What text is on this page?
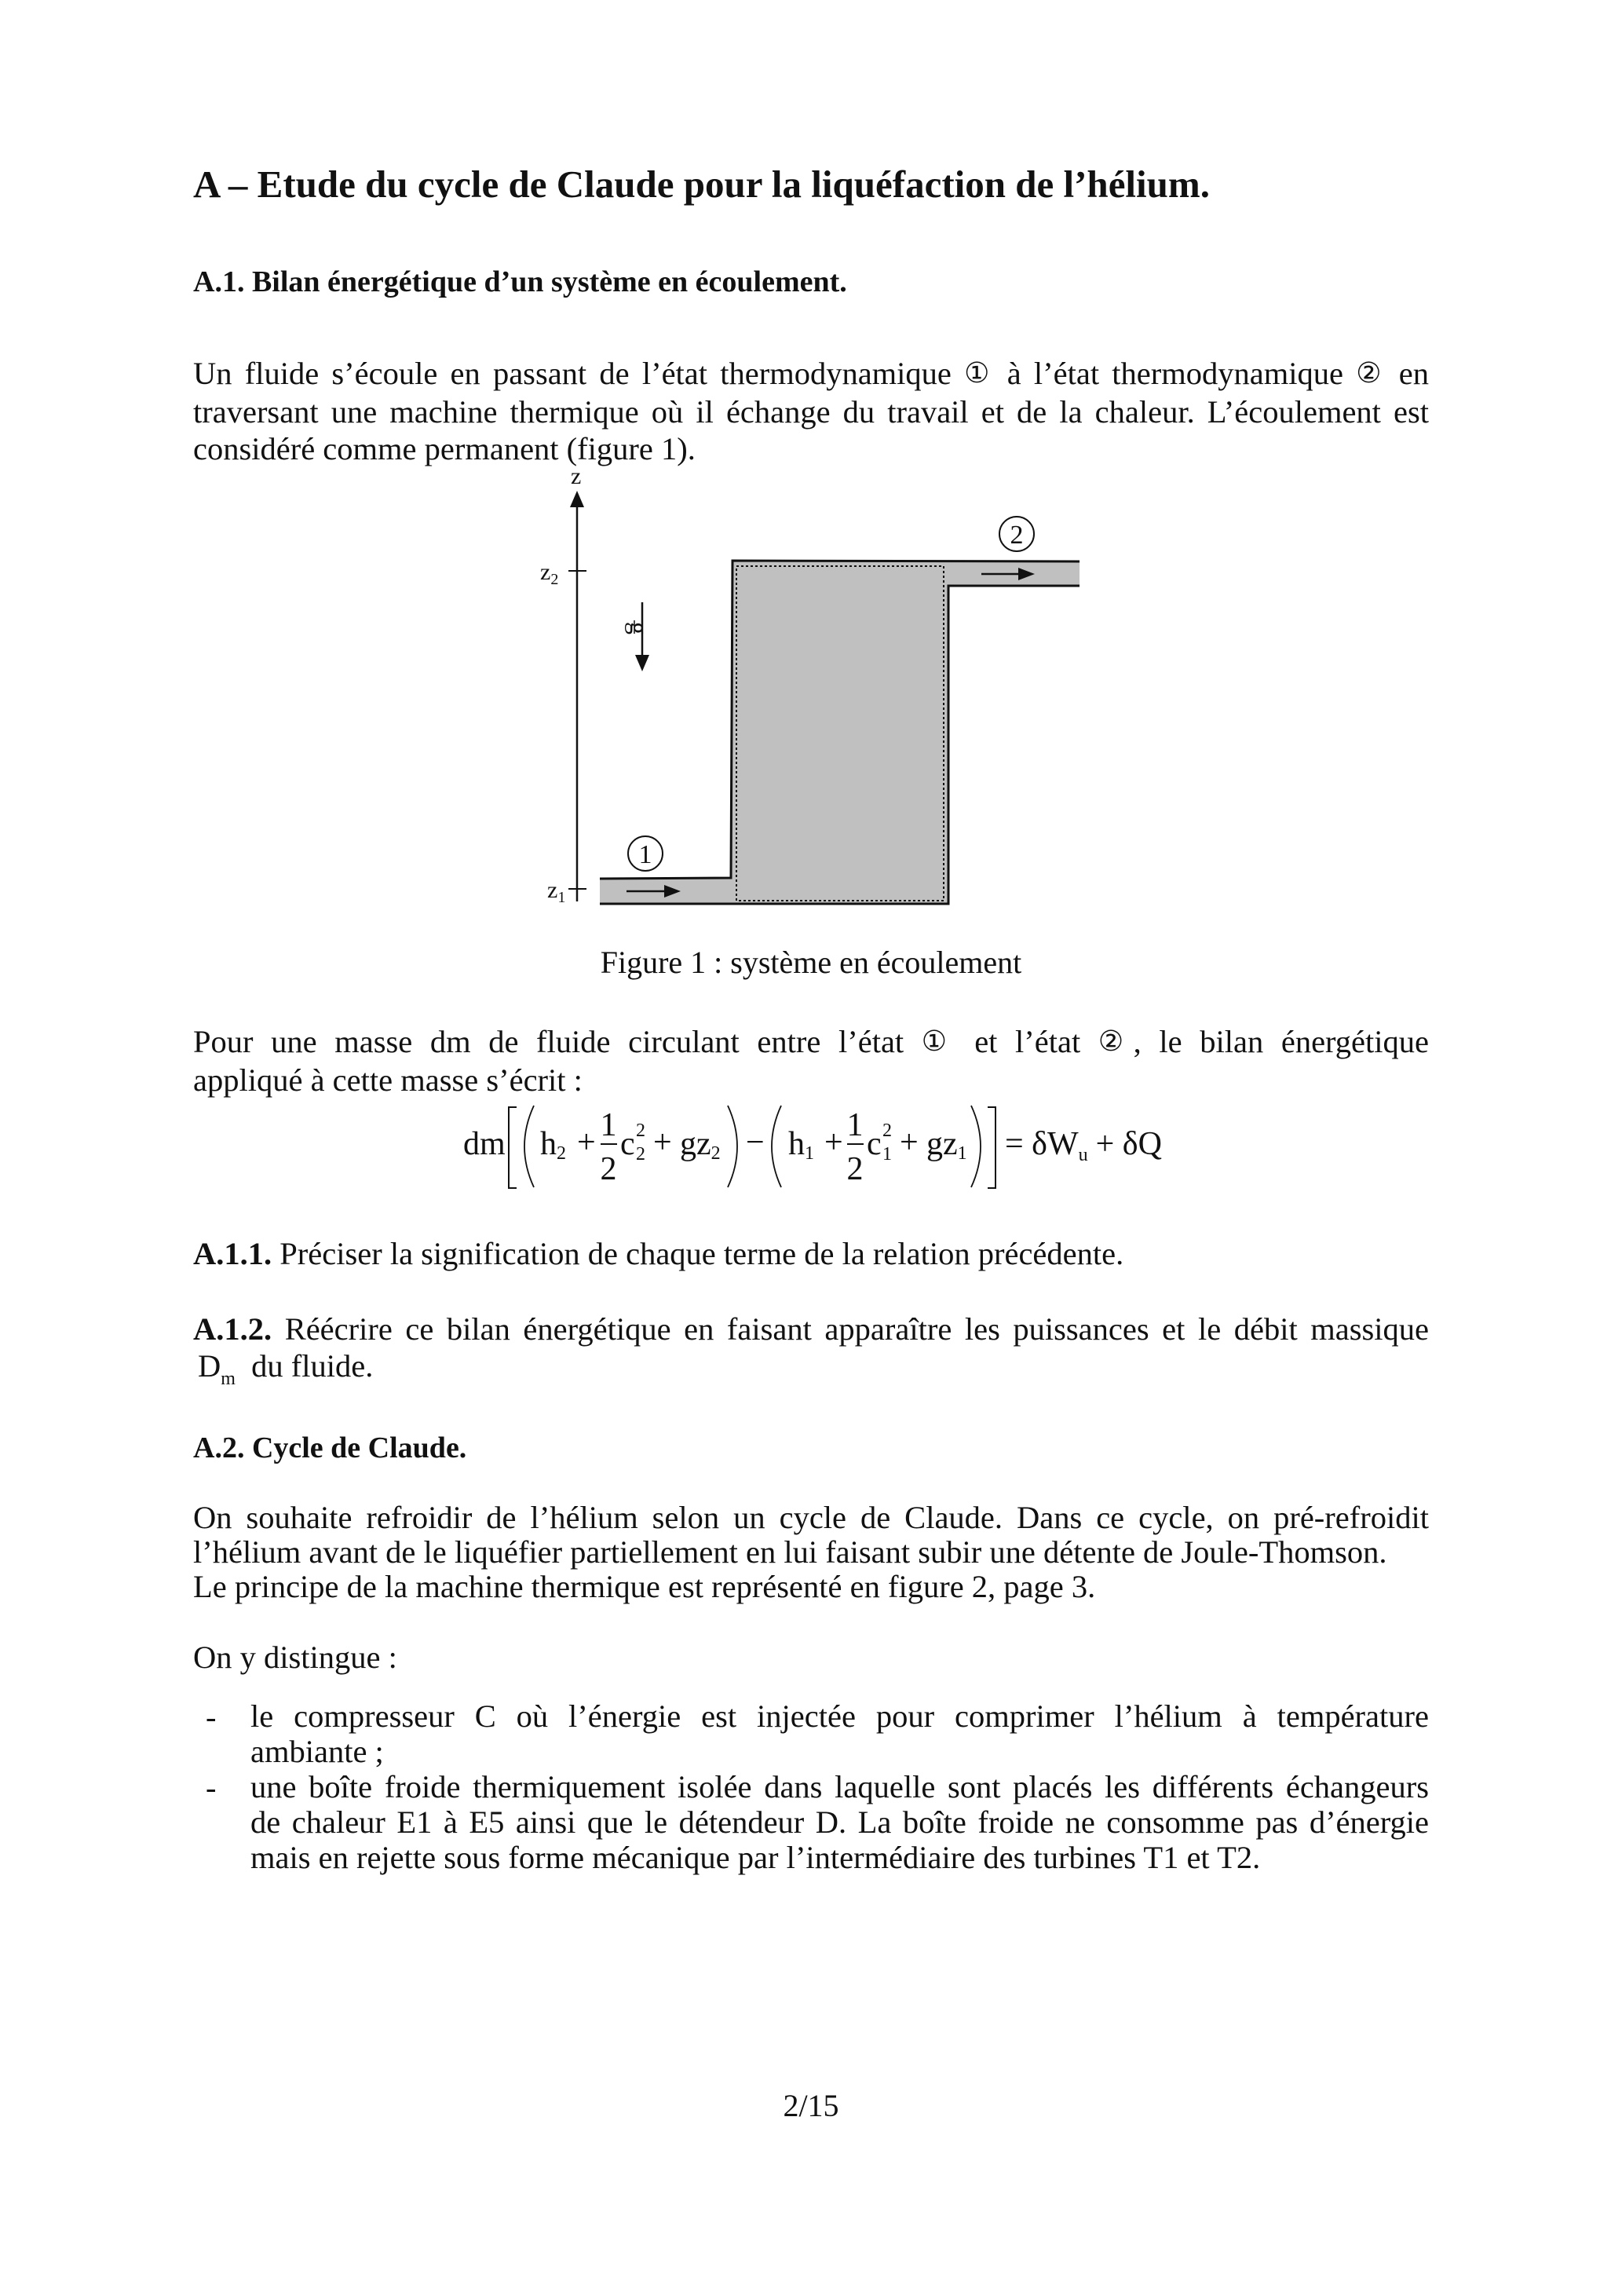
A – Etude du cycle de Claude pour la liquéfaction de l’hélium.
A.1. Bilan énergétique d’un système en écoulement.
Un fluide s’écoule en passant de l’état thermodynamique ① à l’état thermodynamique ② en
traversant une machine thermique où il échange du travail et de la chaleur. L’écoulement est
considéré comme permanent (figure 1).
z
$z_2$
$z_1$
g
1
2
Figure 1 : système en écoulement
Pour une masse dm de fluide circulant entre l’état ① et l’état ②, le bilan énergétique
appliqué à cette masse s’écrit :
dm h2 + 1
2
c 2
2 + gz2 − h1 + 1
2
c 2
1 + gz1 = δWu + δQ
A.1.1. Préciser la signification de chaque terme de la relation précédente.
A.1.2. Réécrire ce bilan énergétique en faisant apparaître les puissances et le débit massique
$D_m$ du fluide.
A.2. Cycle de Claude.
On souhaite refroidir de l’hélium selon un cycle de Claude. Dans ce cycle, on pré-refroidit
l’hélium avant de le liquéfier partiellement en lui faisant subir une détente de Joule-Thomson.
Le principe de la machine thermique est représenté en figure 2, page 3.
On y distingue :
- le compresseur C où l’énergie est injectée pour comprimer l’hélium à température
ambiante ;
- une boîte froide thermiquement isolée dans laquelle sont placés les différents échangeurs
de chaleur E1 à E5 ainsi que le détendeur D. La boîte froide ne consomme pas d’énergie
mais en rejette sous forme mécanique par l’intermédiaire des turbines T1 et T2.
2/15
